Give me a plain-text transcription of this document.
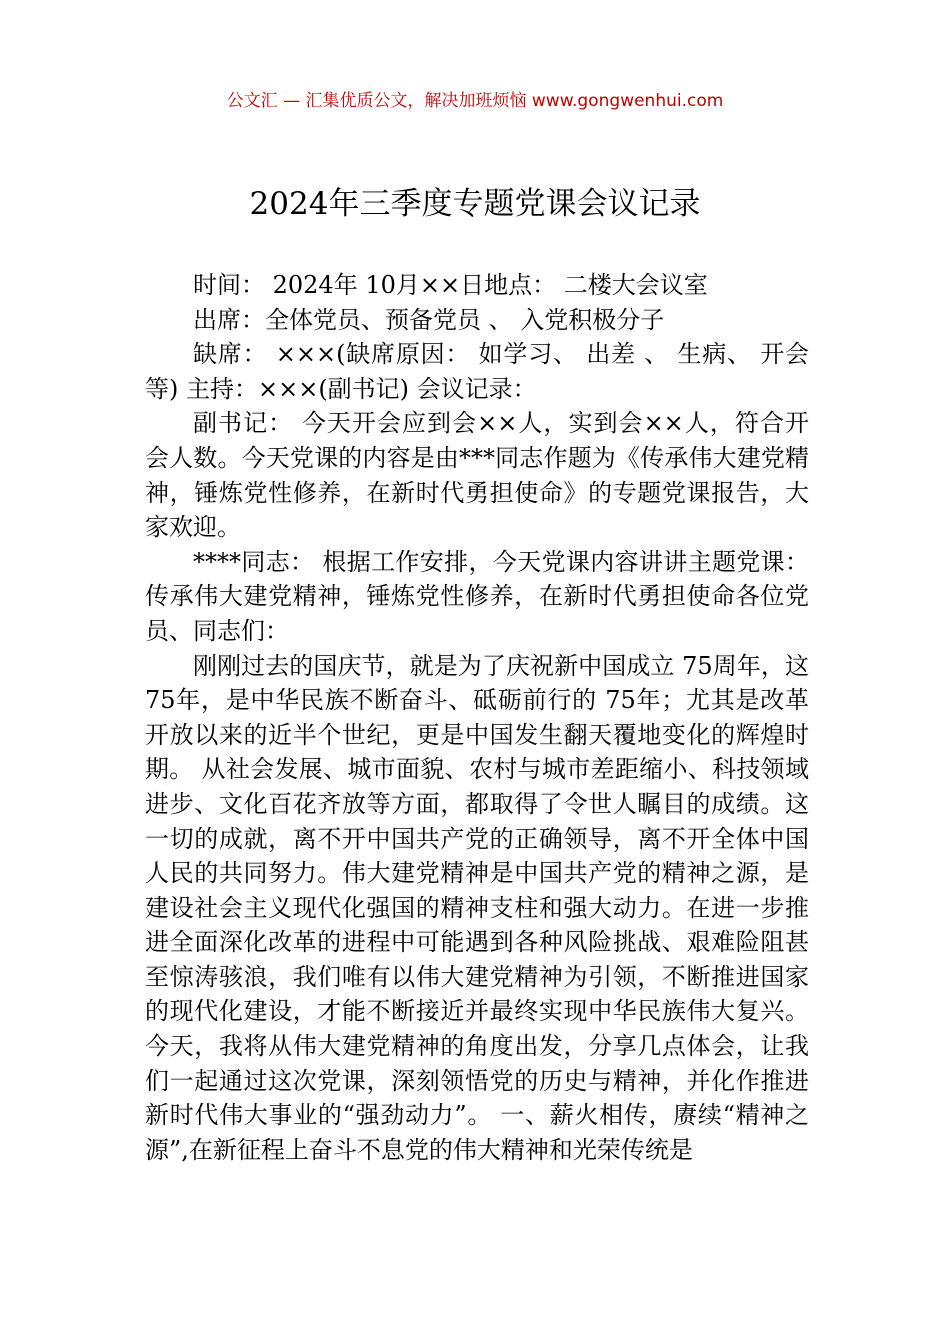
公文汇 — 汇集优质公文，解决加班烦恼 www.gongwenhui.com
2024年三季度专题党课会议记录

时间： 2024年 10月××日地点： 二楼大会议室

出席：全体党员、预备党员 、 入党积极分子

缺席： ×××(缺席原因： 如学习、 出差 、 生病、 开会等) 主持：×××(副书记) 会议记录：

副书记： 今天开会应到会××人，实到会××人，符合开会人数。今天党课的内容是由***同志作题为《传承伟大建党精神，锤炼党性修养，在新时代勇担使命》的专题党课报告，大家欢迎。

****同志： 根据工作安排，今天党课内容讲讲主题党课：传承伟大建党精神，锤炼党性修养，在新时代勇担使命各位党员、同志们：

刚刚过去的国庆节，就是为了庆祝新中国成立 75周年，这 75年，是中华民族不断奋斗、砥砺前行的 75年；尤其是改革开放以来的近半个世纪，更是中国发生翻天覆地变化的辉煌时期。 从社会发展、城市面貌、农村与城市差距缩小、科技领域进步、文化百花齐放等方面，都取得了令世人瞩目的成绩。这一切的成就，离不开中国共产党的正确领导，离不开全体中国人民的共同努力。伟大建党精神是中国共产党的精神之源，是建设社会主义现代化强国的精神支柱和强大动力。在进一步推进全面深化改革的进程中可能遇到各种风险挑战、艰难险阻甚至惊涛骇浪，我们唯有以伟大建党精神为引领，不断推进国家的现代化建设，才能不断接近并最终实现中华民族伟大复兴。今天，我将从伟大建党精神的角度出发，分享几点体会，让我们一起通过这次党课，深刻领悟党的历史与精神，并化作推进新时代伟大事业的“强劲动力”。 一、薪火相传，赓续“精神之源”,在新征程上奋斗不息党的伟大精神和光荣传统是
